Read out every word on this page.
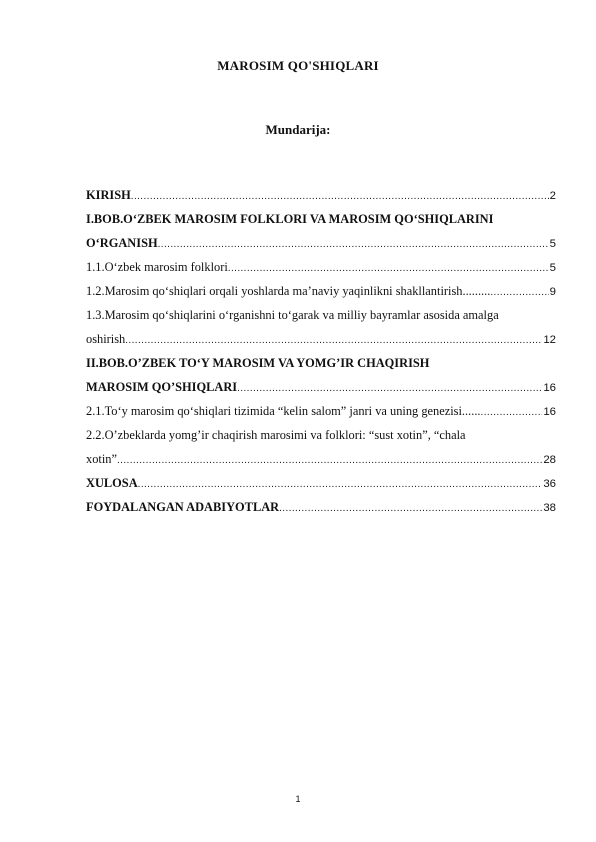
MAROSIM QO'SHIQLARI
Mundarija:
KIRISH .....	2
I.BOB.O‘ZBEK MAROSIM FOLKLORI VA MAROSIM QO‘SHIQLARINI
O‘RGANISH .....	5
1.1.O‘zbek marosim folklori .....	5
1.2.Marosim qo‘shiqlari orqali yoshlarda ma’naviy yaqinlikni shakllantirish......... .....	9
1.3.Marosim qo‘shiqlarini o‘rganishni to‘garak va milliy bayramlar asosida amalga
oshirish .....	12
II.BOB.O’ZBEK TO‘Y MAROSIM VA YOMG’IR CHAQIRISH
MAROSIM QO’SHIQLARI .....	16
2.1.To‘y marosim qo‘shiqlari tizimida “kelin salom” janri va uning genezisi...... .....	16
2.2.O’zbeklarda yomg’ir chaqirish marosimi va folklori: “sust xotin”, “chala
xotin” .....	28
XULOSA .....	36
FOYDALANGAN ADABIYOTLAR .....	38
1
